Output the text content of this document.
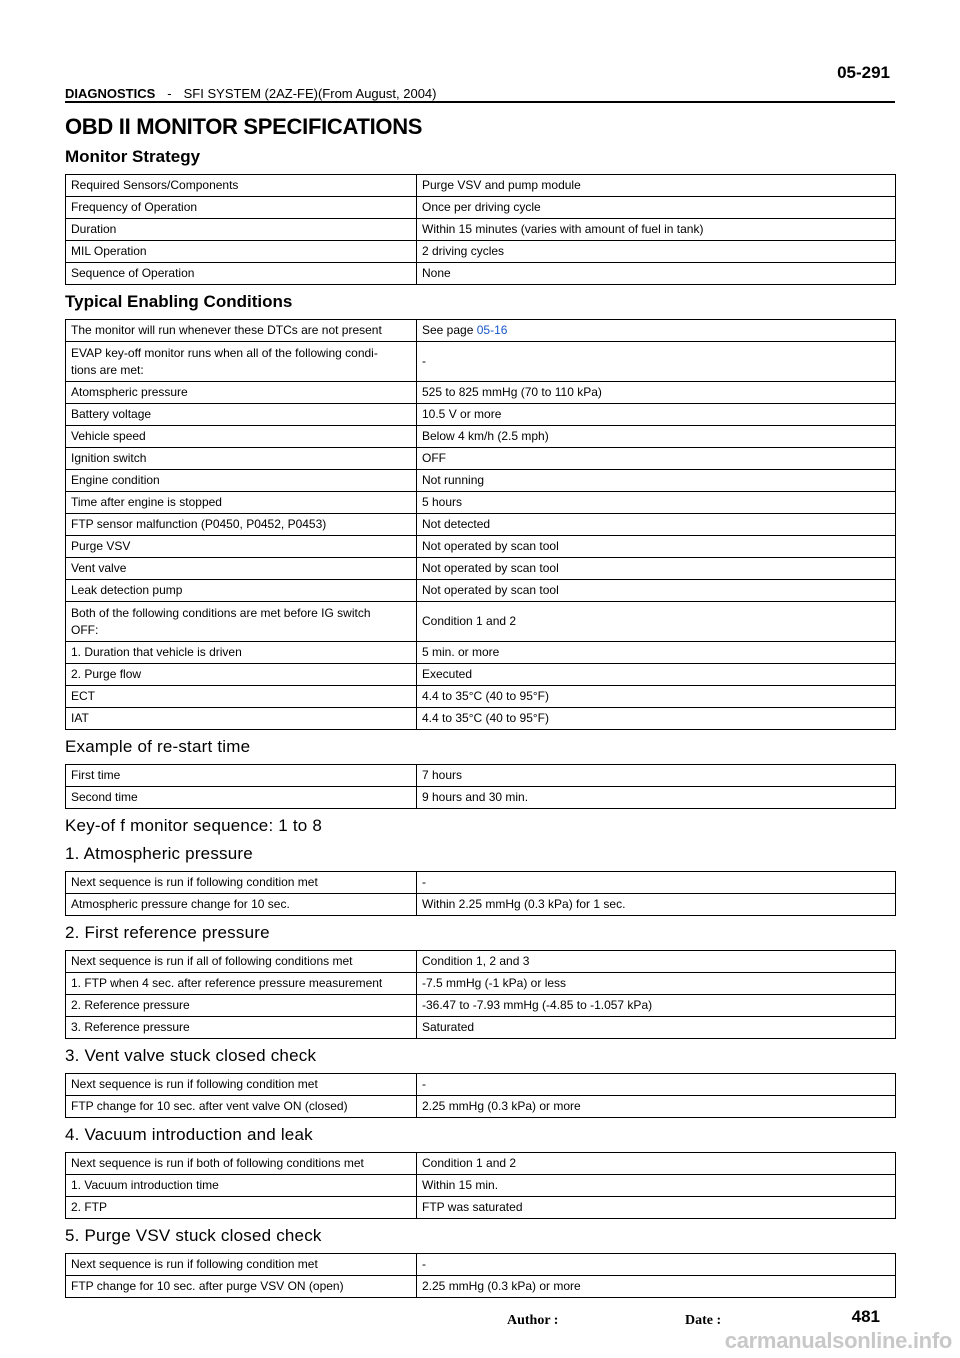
05-291
DIAGNOSTICS - SFI SYSTEM (2AZ-FE)(From August, 2004)
OBD II MONITOR SPECIFICATIONS
Monitor Strategy
Required Sensors/Components	Purge VSV and pump module
Frequency of Operation	Once per driving cycle
Duration	Within 15 minutes (varies with amount of fuel in tank)
MIL Operation	2 driving cycles
Sequence of Operation	None
Typical Enabling Conditions
The monitor will run whenever these DTCs are not present	See page 05-16
EVAP key-off monitor runs when all of the following condi-
tions are met:	-
Atomspheric pressure	525 to 825 mmHg (70 to 110 kPa)
Battery voltage	10.5 V or more
Vehicle speed	Below 4 km/h (2.5 mph)
Ignition switch	OFF
Engine condition	Not running
Time after engine is stopped	5 hours
FTP sensor malfunction (P0450, P0452, P0453)	Not detected
Purge VSV	Not operated by scan tool
Vent valve	Not operated by scan tool
Leak detection pump	Not operated by scan tool
Both of the following conditions are met before IG switch
OFF:	Condition 1 and 2
1. Duration that vehicle is driven	5 min. or more
2. Purge flow	Executed
ECT	4.4 to 35°C (40 to 95°F)
IAT	4.4 to 35°C (40 to 95°F)
Example of re-start time
First time	7 hours
Second time	9 hours and 30 min.
Key-of f monitor sequence: 1 to 8
1. Atmospheric pressure
Next sequence is run if following condition met	-
Atmospheric pressure change for 10 sec.	Within 2.25 mmHg (0.3 kPa) for 1 sec.
2. First reference pressure
Next sequence is run if all of following conditions met	Condition 1, 2 and 3
1. FTP when 4 sec. after reference pressure measurement	-7.5 mmHg (-1 kPa) or less
2. Reference pressure	-36.47 to -7.93 mmHg (-4.85 to -1.057 kPa)
3. Reference pressure	Saturated
3. Vent valve stuck closed check
Next sequence is run if following condition met	-
FTP change for 10 sec. after vent valve ON (closed)	2.25 mmHg (0.3 kPa) or more
4. Vacuum introduction and leak
Next sequence is run if both of following conditions met	Condition 1 and 2
1. Vacuum introduction time	Within 15 min.
2. FTP	FTP was saturated
5. Purge VSV stuck closed check
Next sequence is run if following condition met	-
FTP change for 10 sec. after purge VSV ON (open)	2.25 mmHg (0.3 kPa) or more
Author :	Date :	481
carmanualsonline.info
